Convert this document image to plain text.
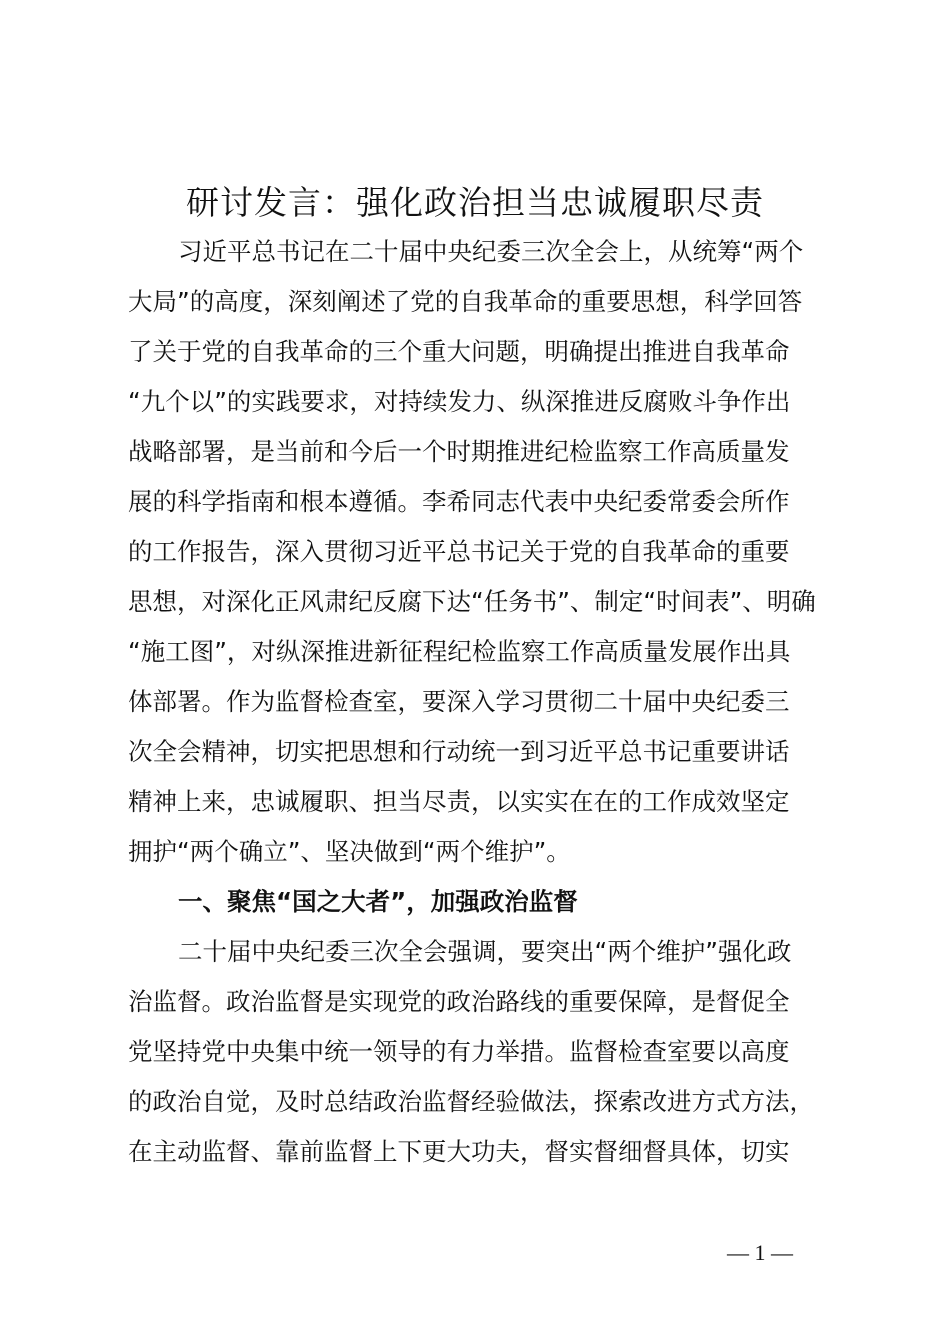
研讨发言：强化政治担当忠诚履职尽责

习近平总书记在二十届中央纪委三次全会上，从统筹“两个

大局”的高度，深刻阐述了党的自我革命的重要思想，科学回答

了关于党的自我革命的三个重大问题，明确提出推进自我革命

“九个以”的实践要求，对持续发力、纵深推进反腐败斗争作出

战略部署，是当前和今后一个时期推进纪检监察工作高质量发

展的科学指南和根本遵循。李希同志代表中央纪委常委会所作

的工作报告，深入贯彻习近平总书记关于党的自我革命的重要

思想，对深化正风肃纪反腐下达“任务书”、制定“时间表”、明确

“施工图”，对纵深推进新征程纪检监察工作高质量发展作出具

体部署。作为监督检查室，要深入学习贯彻二十届中央纪委三

次全会精神，切实把思想和行动统一到习近平总书记重要讲话

精神上来，忠诚履职、担当尽责，以实实在在的工作成效坚定

拥护“两个确立”、坚决做到“两个维护”。

一、聚焦“国之大者”，加强政治监督

二十届中央纪委三次全会强调，要突出“两个维护”强化政

治监督。政治监督是实现党的政治路线的重要保障，是督促全

党坚持党中央集中统一领导的有力举措。监督检查室要以高度

的政治自觉，及时总结政治监督经验做法，探索改进方式方法，

在主动监督、靠前监督上下更大功夫，督实督细督具体，切实

— 1 —
